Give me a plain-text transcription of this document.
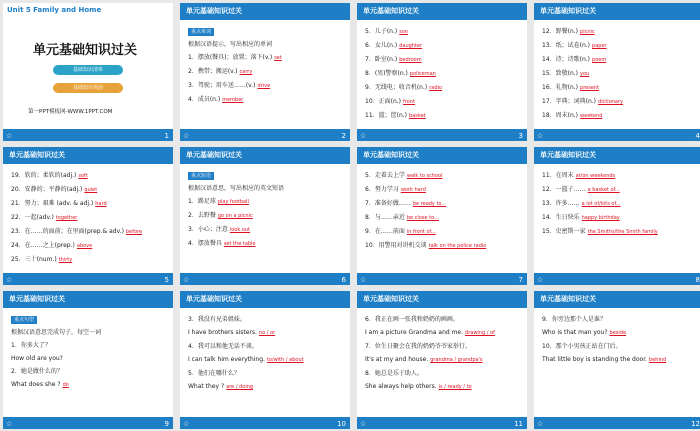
Unit 5 Family and Home
单元基础知识过关
基础知识清单
基础知识巩固
第一PPT模板网-WWW.1PPT.COM
☆	1
单元基础知识过关
重点单词
根据汉语提示，写出相应的单词
1．摆放(餐具)；放置；落下(v.) set
2．携带；搬运(v.) carry
3．驾驶；用车送……(v.) drive
4．成员(n.) member
☆	2
单元基础知识过关
5．儿子(n.) son
6．女儿(n.) daughter
7．卧室(n.) bedroom
8．(男)警察(n.) policeman
9．无线电；收音机(n.) radio
10．正面(n.) front
11．篮；筐(n.) basket
☆	3
单元基础知识过关
12．野餐(n.) picnic
13．纸；试卷(n.) paper
14．诗；诗歌(n.) poem
15．致敬(n.) you
16．礼物(n.) present
17．字典；词典(n.) dictionary
18．周末(n.) weekend
☆	4
单元基础知识过关
19．软的；柔软的(adj.) soft
20．安静的；平静的(adj.) quiet
21．努力；艰难 (adv. & adj.) hard
22．一起(adv.) together
23．在……的面前；在里面(prep.& adv.) before
24．在……之上(prep.) above
25．三十(num.) thirty
☆	5
单元基础知识过关
重点短语
根据汉语意思，写出相应的英文短语
1．踢足球 play football
2．去野餐 go on a picnic
3．小心；注意 look out
4．摆放餐具 set the table
☆	6
单元基础知识过关
5．走着去上学 walk to school
6．努力学习 work hard
7．准备好做…… be ready to...
8．与……亲近 be close to...
9．在……前面 in front of...
10．用警用对讲机交谈 talk on the police radio
☆	7
单元基础知识过关
11．在周末 at/on weekends
12．一篮子…… a basket of...
13．许多…… a lot of/lots of...
14．生日快乐 happy birthday
15．史密斯一家 the Smiths/the Smith family
☆	8
单元基础知识过关
重点句型
根据汉语意思完成句子，每空一词
1．你多大了？
How old are you?
2．她是做什么的？
What does she ? do
☆	9
单元基础知识过关
3．我没有兄弟姐妹。
I have brothers sisters. no / or
4．我可以和他无话不谈。
I can talk him everything. to/with / about
5．他们在哪什么？
What they ? are / doing
☆	10
单元基础知识过关
6．我正在画一张我和奶奶的画画。
I am a picture Grandma and me. drawing / of
7．位生日聚会在我的奶奶爷爷家举行。
It's at my and house. grandma / grandpa's
8．她总是乐于助人。
She always help others. is / ready / to
☆	11
单元基础知识过关
9．你旁边那个人是谁？
Who is that man you? beside
10．那个小男孩正站在门后。
That little boy is standing the door. behind
☆	12
